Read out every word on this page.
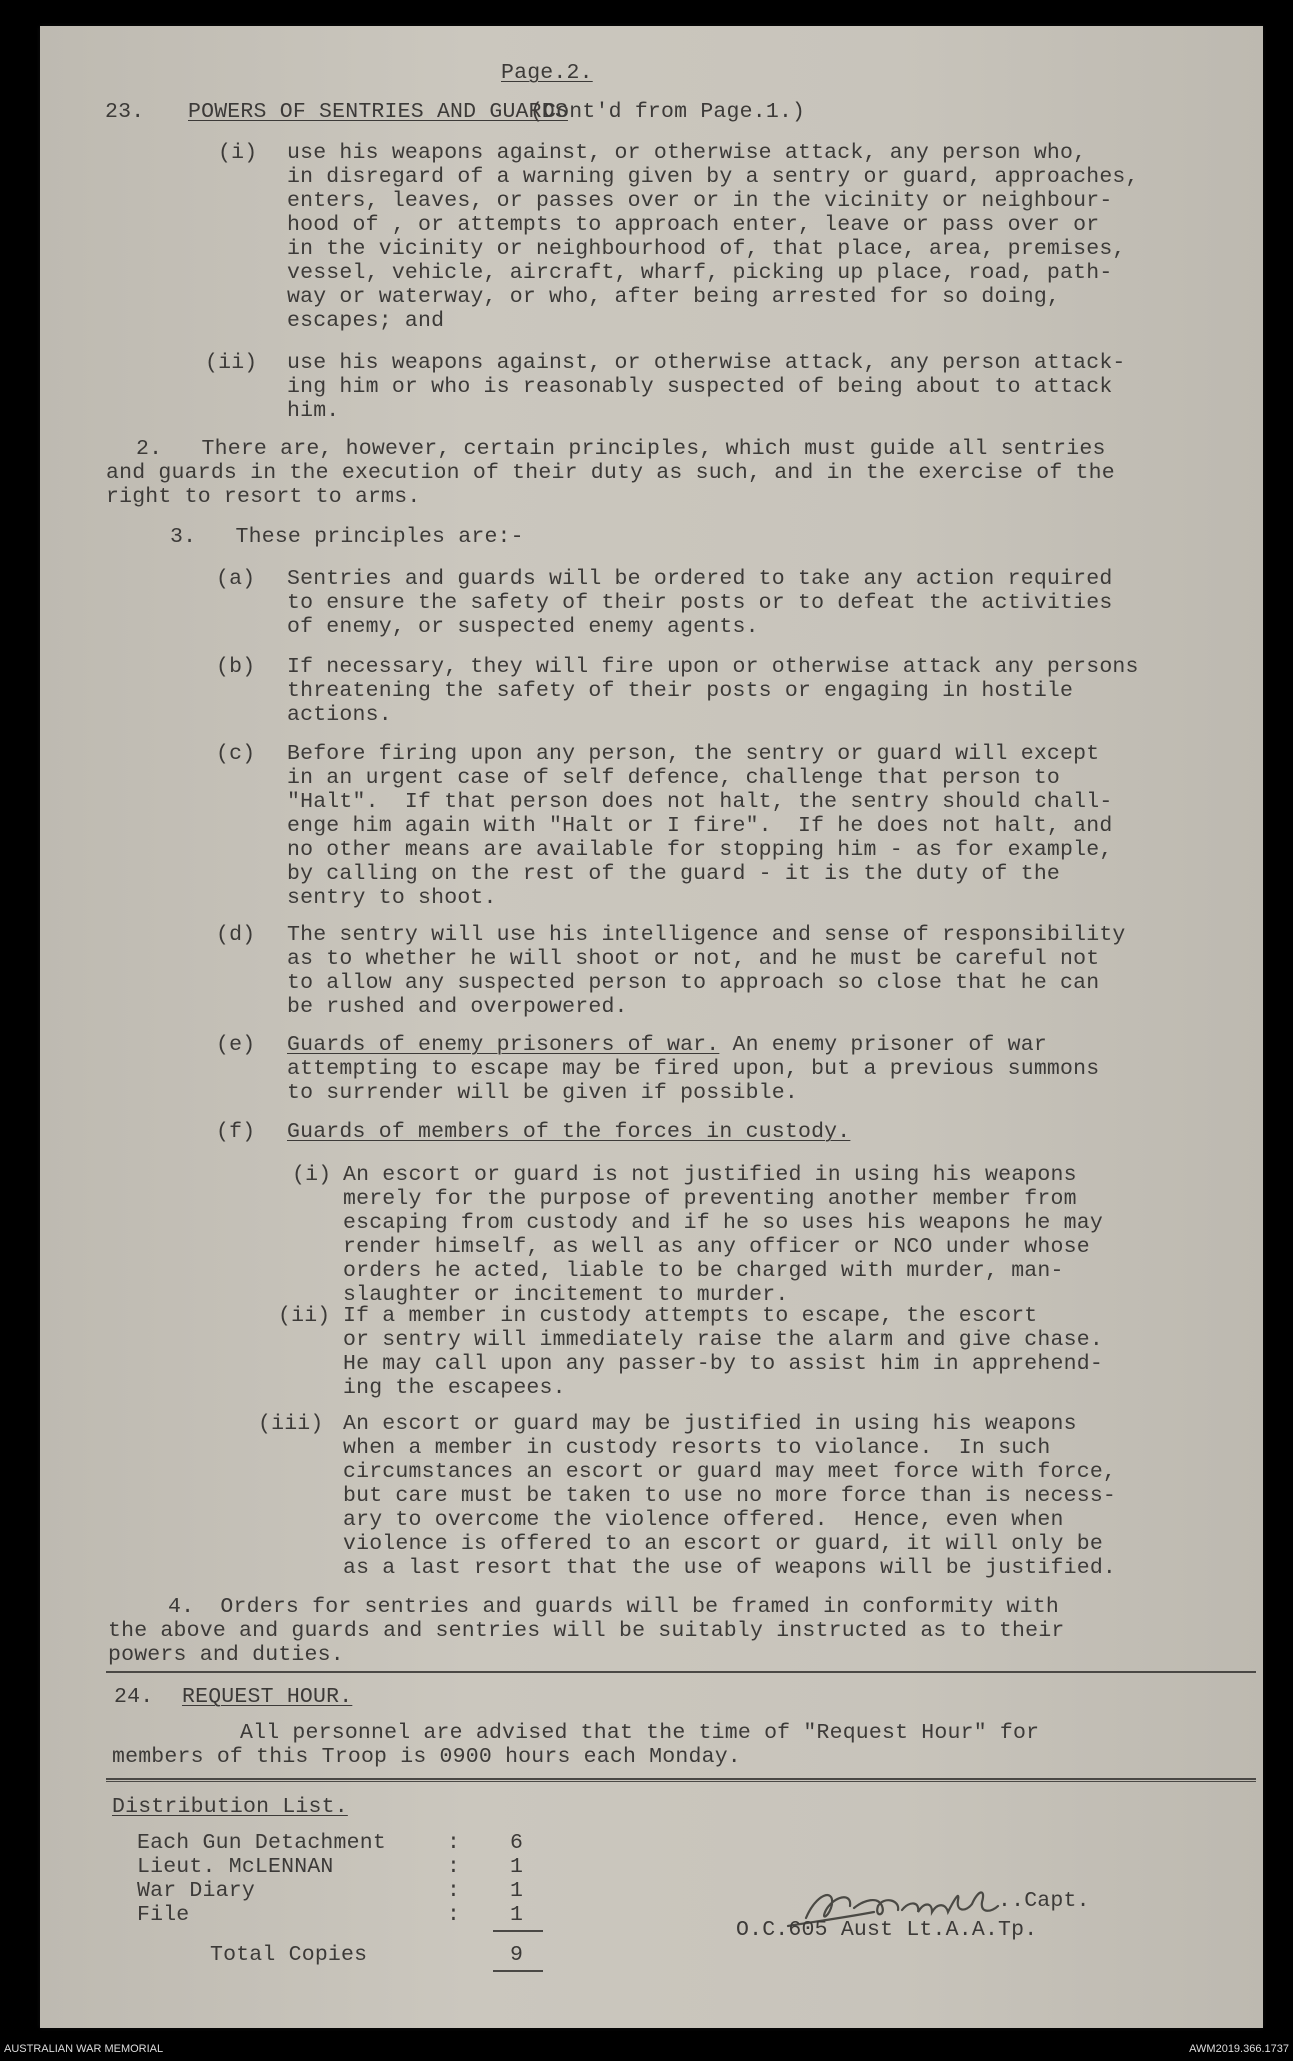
Page.2.

23. POWERS OF SENTRIES AND GUARDS

(Cont'd from Page.1.)

(i) use his weapons against, or otherwise attack, any person who,

in disregard of a warning given by a sentry or guard, approaches,

enters, leaves, or passes over or in the vicinity or neighbour-

hood of , or attempts to approach enter, leave or pass over or

in the vicinity or neighbourhood of, that place, area, premises,

vessel, vehicle, aircraft, wharf, picking up place, road, path-

way or waterway, or who, after being arrested for so doing,

escapes; and

(ii) use his weapons against, or otherwise attack, any person attack-

ing him or who is reasonably suspected of being about to attack

him.

2.   There are, however, certain principles, which must guide all sentries

and guards in the execution of their duty as such, and in the exercise of the

right to resort to arms.

3.   These principles are:-

(a) Sentries and guards will be ordered to take any action required

to ensure the safety of their posts or to defeat the activities

of enemy, or suspected enemy agents.

(b) If necessary, they will fire upon or otherwise attack any persons

threatening the safety of their posts or engaging in hostile

actions.

(c) Before firing upon any person, the sentry or guard will except

in an urgent case of self defence, challenge that person to

"Halt".  If that person does not halt, the sentry should chall-

enge him again with "Halt or I fire".  If he does not halt, and

no other means are available for stopping him - as for example,

by calling on the rest of the guard - it is the duty of the

sentry to shoot.

(d) The sentry will use his intelligence and sense of responsibility

as to whether he will shoot or not, and he must be careful not

to allow any suspected person to approach so close that he can

be rushed and overpowered.

(e) Guards of enemy prisoners of war. An enemy prisoner of war

attempting to escape may be fired upon, but a previous summons

to surrender will be given if possible.

(f) Guards of members of the forces in custody.

(i) An escort or guard is not justified in using his weapons

merely for the purpose of preventing another member from

escaping from custody and if he so uses his weapons he may

render himself, as well as any officer or NCO under whose

orders he acted, liable to be charged with murder, man-

slaughter or incitement to murder.

(ii) If a member in custody attempts to escape, the escort

or sentry will immediately raise the alarm and give chase.

He may call upon any passer-by to assist him in apprehend-

ing the escapees.

(iii) An escort or guard may be justified in using his weapons

when a member in custody resorts to violance.  In such

circumstances an escort or guard may meet force with force,

but care must be taken to use no more force than is necess-

ary to overcome the violence offered.  Hence, even when

violence is offered to an escort or guard, it will only be

as a last resort that the use of weapons will be justified.

4.  Orders for sentries and guards will be framed in conformity with

the above and guards and sentries will be suitably instructed as to their

powers and duties.

24. REQUEST HOUR.

All personnel are advised that the time of "Request Hour" for

members of this Troop is 0900 hours each Monday.

Distribution List.

Each Gun Detachment	: 6

Lieut. McLENNAN	: 1

War Diary	: 1

File	: 1

Total Copies	9

..Capt.

O.C.605 Aust Lt.A.A.Tp.

AUSTRALIAN WAR MEMORIAL	AWM2019.366.1737
